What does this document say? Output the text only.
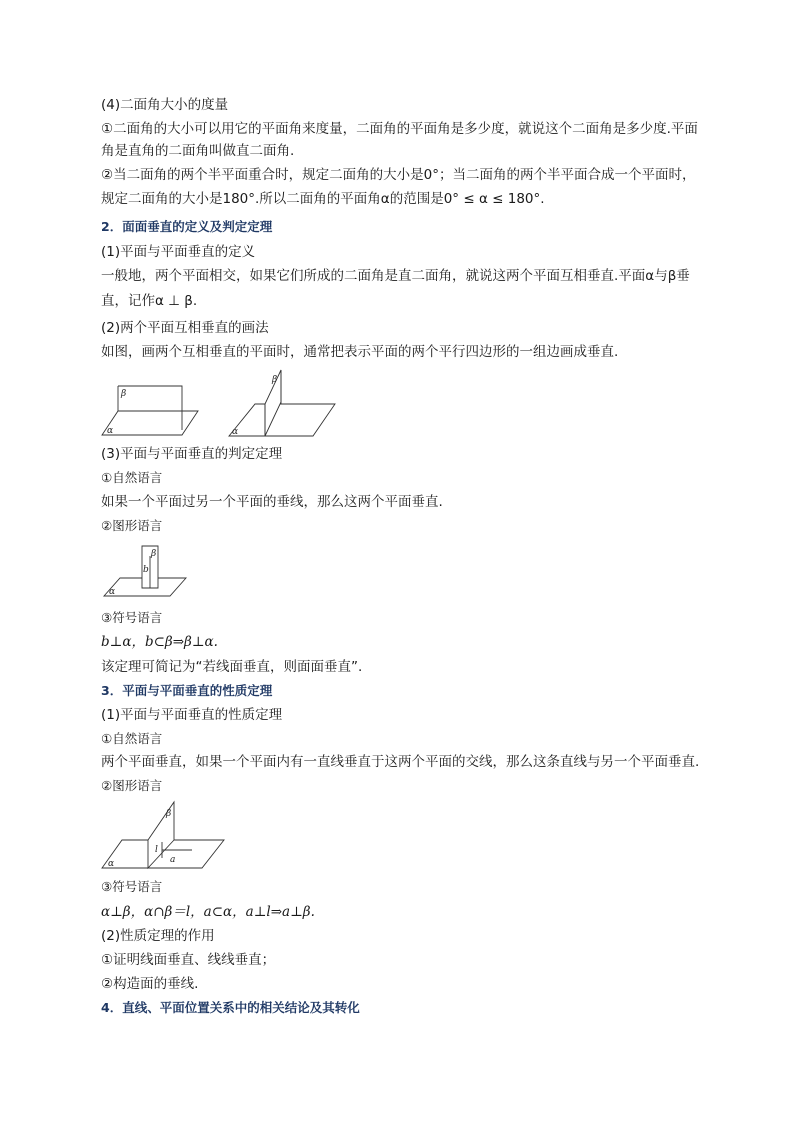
(4)二面角大小的度量
①二面角的大小可以用它的平面角来度量，二面角的平面角是多少度，就说这个二面角是多少度.平面
角是直角的二面角叫做直二面角.
②当二面角的两个半平面重合时，规定二面角的大小是0°；当二面角的两个半平面合成一个平面时，
规定二面角的大小是180°.所以二面角的平面角α的范围是0° ≤ α ≤ 180°.
2．面面垂直的定义及判定定理
(1)平面与平面垂直的定义
一般地，两个平面相交，如果它们所成的二面角是直二面角，就说这两个平面互相垂直.平面α与β垂
直，记作α ⊥ β.
(2)两个平面互相垂直的画法
如图，画两个互相垂直的平面时，通常把表示平面的两个平行四边形的一组边画成垂直.
β
α
β
α
(3)平面与平面垂直的判定定理
①自然语言
如果一个平面过另一个平面的垂线，那么这两个平面垂直.
②图形语言
β
b
α
③符号语言
b⊥α，b⊂β⇒β⊥α.
该定理可简记为“若线面垂直，则面面垂直”.
3．平面与平面垂直的性质定理
(1)平面与平面垂直的性质定理
①自然语言
两个平面垂直，如果一个平面内有一直线垂直于这两个平面的交线，那么这条直线与另一个平面垂直.
②图形语言
β
l
a
α
③符号语言
α⊥β，α∩β＝l，a⊂α，a⊥l⇒a⊥β.
(2)性质定理的作用
①证明线面垂直、线线垂直；
②构造面的垂线.
4．直线、平面位置关系中的相关结论及其转化
